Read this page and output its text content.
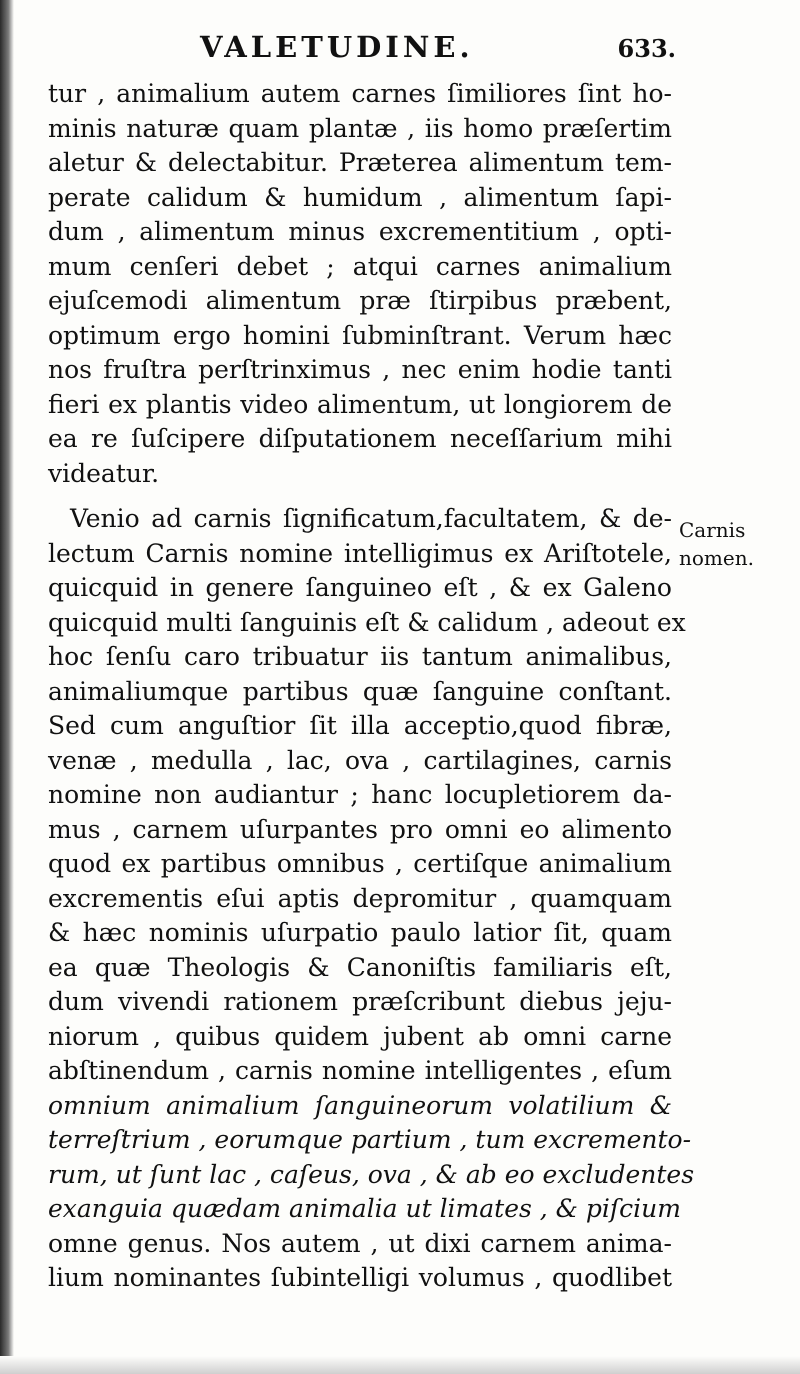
VALETUDINE.	633.
tur , animalium autem carnes ſimiliores ſint ho-
minis naturæ quam plantæ , iis homo præſertim
aletur & delectabitur. Præterea alimentum tem-
perate calidum & humidum , alimentum ſapi-
dum , alimentum minus excrementitium , opti-
mum cenſeri debet ; atqui carnes animalium
ejuſcemodi alimentum præ ſtirpibus præbent,
optimum ergo homini ſubminſtrant. Verum hæc
nos fruſtra perſtrinximus , nec enim hodie tanti
fieri ex plantis video alimentum, ut longiorem de
ea re ſuſcipere diſputationem neceſſarium mihi
videatur.
Venio ad carnis ſignificatum,facultatem, & de-
lectum Carnis nomine intelligimus ex Ariſtotele,
quicquid in genere ſanguineo eſt , & ex Galeno
quicquid multi ſanguinis eſt & calidum , adeout ex
hoc ſenſu caro tribuatur iis tantum animalibus,
animaliumque partibus quæ ſanguine conſtant.
Sed cum anguſtior ſit illa acceptio,quod fibræ,
venæ , medulla , lac, ova , cartilagines, carnis
nomine non audiantur ; hanc locupletiorem da-
mus , carnem uſurpantes pro omni eo alimento
quod ex partibus omnibus , certiſque animalium
excrementis eſui aptis depromitur , quamquam
& hæc nominis uſurpatio paulo latior ſit, quam
ea quæ Theologis & Canoniſtis familiaris eſt,
dum vivendi rationem præſcribunt diebus jeju-
niorum , quibus quidem jubent ab omni carne
abſtinendum , carnis nomine intelligentes , eſum
omnium animalium ſanguineorum volatilium &
terreſtrium , eorumque partium , tum excremento-
rum, ut ſunt lac , caſeus, ova , & ab eo excludentes
exanguia quædam animalia ut limates , & piſcium
omne genus. Nos autem , ut dixi carnem anima-
lium nominantes ſubintelligi volumus , quodlibet
Carnis
nomen.
